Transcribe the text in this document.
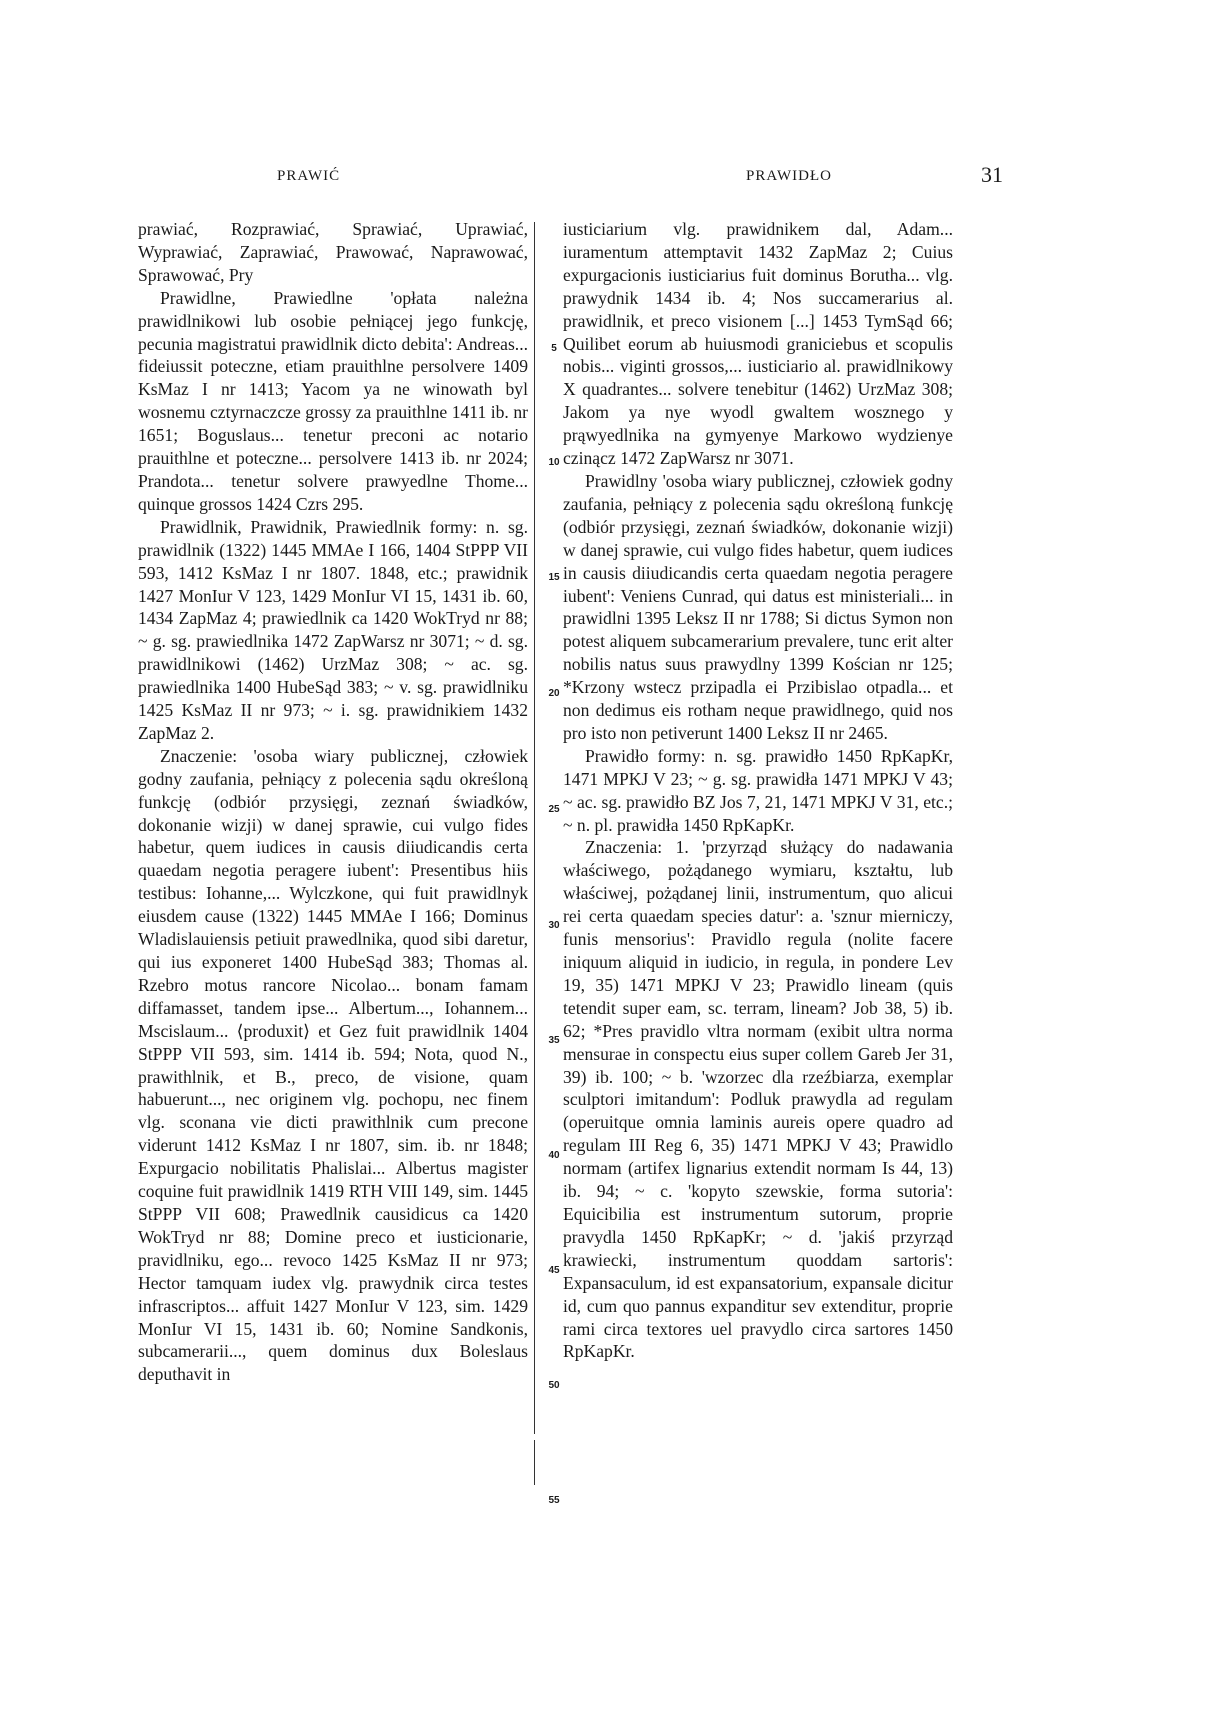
PRAWIĆ	PRAWIDŁO	31

prawiać, Rozprawiać, Sprawiać, Uprawiać, Wyprawiać, Zaprawiać, Prawować, Naprawować, Sprawować, Pry

Prawidlne, Prawiedlne 'opłata należna prawidlnikowi lub osobie pełniącej jego funkcję, pecunia magistratui prawidlnik dicto debita': Andreas... fideiussit poteczne, etiam prauithlne persolvere 1409 KsMaz I nr 1413; Yacom ya ne winowath byl wosnemu cztyrnaczcze grossy za prauithlne 1411 ib. nr 1651; Boguslaus... tenetur preconi ac notario prauithlne et poteczne... persolvere 1413 ib. nr 2024; Prandota... tenetur solvere prawyedlne Thome... quinque grossos 1424 Czrs 295.

Prawidlnik, Prawidnik, Prawiedlnik formy: n. sg. prawidlnik (1322) 1445 MMAe I 166, 1404 StPPP VII 593, 1412 KsMaz I nr 1807. 1848, etc.; prawidnik 1427 MonIur V 123, 1429 MonIur VI 15, 1431 ib. 60, 1434 ZapMaz 4; prawiedlnik ca 1420 WokTryd nr 88; ~ g. sg. prawiedlnika 1472 ZapWarsz nr 3071; ~ d. sg. prawidlnikowi (1462) UrzMaz 308; ~ ac. sg. prawiedlnika 1400 HubeSąd 383; ~ v. sg. prawidlniku 1425 KsMaz II nr 973; ~ i. sg. prawidnikiem 1432 ZapMaz 2.

Znaczenie: 'osoba wiary publicznej, człowiek godny zaufania, pełniący z polecenia sądu określoną funkcję (odbiór przysięgi, zeznań świadków, dokonanie wizji) w danej sprawie, cui vulgo fides habetur, quem iudices in causis diiudicandis certa quaedam negotia peragere iubent': Presentibus hiis testibus: Iohanne,... Wylczkone, qui fuit prawidlnyk eiusdem cause (1322) 1445 MMAe I 166; Dominus Wladislauiensis petiuit prawedlnika, quod sibi daretur, qui ius exponeret 1400 HubeSąd 383; Thomas al. Rzebro motus rancore Nicolao... bonam famam diffamasset, tandem ipse... Albertum..., Iohannem... Mscislaum... ⟨produxit⟩ et Gez fuit prawidlnik 1404 StPPP VII 593, sim. 1414 ib. 594; Nota, quod N., prawithlnik, et B., preco, de visione, quam habuerunt..., nec originem vlg. pochopu, nec finem vlg. sconana vie dicti prawithlnik cum precone viderunt 1412 KsMaz I nr 1807, sim. ib. nr 1848; Expurgacio nobilitatis Phalislai... Albertus magister coquine fuit prawidlnik 1419 RTH VIII 149, sim. 1445 StPPP VII 608; Prawedlnik causidicus ca 1420 WokTryd nr 88; Domine preco et iusticionarie, pravidlniku, ego... revoco 1425 KsMaz II nr 973; Hector tamquam iudex vlg. prawydnik circa testes infrascriptos... affuit 1427 MonIur V 123, sim. 1429 MonIur VI 15, 1431 ib. 60; Nomine Sandkonis, subcamerarii..., quem dominus dux Boleslaus deputhavit in

5
10
15
20
25
30
35
40
45
50
55

iusticiarium vlg. prawidnikem dal, Adam... iuramentum attemptavit 1432 ZapMaz 2; Cuius expurgacionis iusticiarius fuit dominus Borutha... vlg. prawydnik 1434 ib. 4; Nos succamerarius al. prawidlnik, et preco visionem [...] 1453 TymSąd 66; Quilibet eorum ab huiusmodi graniciebus et scopulis nobis... viginti grossos,... iusticiario al. prawidlnikowy X quadrantes... solvere tenebitur (1462) UrzMaz 308; Jakom ya nye wyodl gwaltem wosznego y prąwyedlnika na gymyenye Markowo wydzienye czinącz 1472 ZapWarsz nr 3071.

Prawidlny 'osoba wiary publicznej, człowiek godny zaufania, pełniący z polecenia sądu określoną funkcję (odbiór przysięgi, zeznań świadków, dokonanie wizji) w danej sprawie, cui vulgo fides habetur, quem iudices in causis diiudicandis certa quaedam negotia peragere iubent': Veniens Cunrad, qui datus est ministeriali... in prawidlni 1395 Leksz II nr 1788; Si dictus Symon non potest aliquem subcamerarium prevalere, tunc erit alter nobilis natus suus prawydlny 1399 Kościan nr 125; *Krzony wstecz przipadla ei Przibislao otpadla... et non dedimus eis rotham neque prawidlnego, quid nos pro isto non petiverunt 1400 Leksz II nr 2465.

Prawidło formy: n. sg. prawidło 1450 RpKapKr, 1471 MPKJ V 23; ~ g. sg. prawidła 1471 MPKJ V 43; ~ ac. sg. prawidło BZ Jos 7, 21, 1471 MPKJ V 31, etc.; ~ n. pl. prawidła 1450 RpKapKr.

Znaczenia: 1. 'przyrząd służący do nadawania właściwego, pożądanego wymiaru, kształtu, lub właściwej, pożądanej linii, instrumentum, quo alicui rei certa quaedam species datur': a. 'sznur mierniczy, funis mensorius': Pravidlo regula (nolite facere iniquum aliquid in iudicio, in regula, in pondere Lev 19, 35) 1471 MPKJ V 23; Prawidlo lineam (quis tetendit super eam, sc. terram, lineam? Job 38, 5) ib. 62; *Pres pravidlo vltra normam (exibit ultra norma mensurae in conspectu eius super collem Gareb Jer 31, 39) ib. 100; ~ b. 'wzorzec dla rzeźbiarza, exemplar sculptori imitandum': Podluk prawydla ad regulam (operuitque omnia laminis aureis opere quadro ad regulam III Reg 6, 35) 1471 MPKJ V 43; Prawidlo normam (artifex lignarius extendit normam Is 44, 13) ib. 94; ~ c. 'kopyto szewskie, forma sutoria': Equicibilia est instrumentum sutorum, proprie pravydla 1450 RpKapKr; ~ d. 'jakiś przyrząd krawiecki, instrumentum quoddam sartoris': Expansaculum, id est expansatorium, expansale dicitur id, cum quo pannus expanditur sev extenditur, proprie rami circa textores uel pravydlo circa sartores 1450 RpKapKr.
